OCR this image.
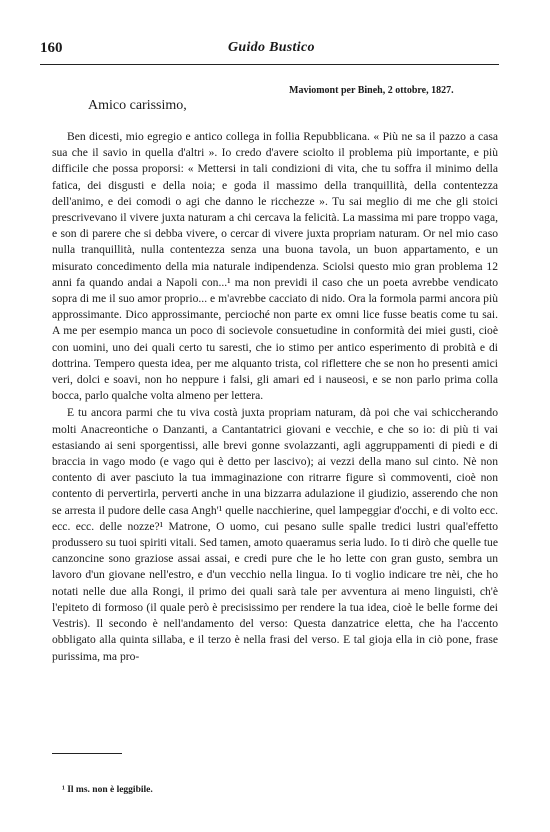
160	Guido Bustico
Maviomont per Bineh, 2 ottobre, 1827.
Amico carissimo,

Ben dicesti, mio egregio e antico collega in follia Repubblicana. « Più ne sa il pazzo a casa sua che il savio in quella d'altri ». Io credo d'avere sciolto il problema più importante, e più difficile che possa proporsi: « Mettersi in tali condizioni di vita, che tu soffra il minimo della fatica, dei disgusti e della noia; e goda il massimo della tranquillità, della contentezza dell'animo, e dei comodi o agi che danno le ricchezze ». Tu sai meglio di me che gli stoici prescrivevano il vivere juxta naturam a chi cercava la felicità. La massima mi pare troppo vaga, e son di parere che si debba vivere, o cercar di vivere juxta propriam naturam. Or nel mio caso nulla tranquillità, nulla contentezza senza una buona tavola, un buon appartamento, e un misurato concedimento della mia naturale indipendenza. Sciolsi questo mio gran problema 12 anni fa quando andai a Napoli con...¹ ma non previdi il caso che un poeta avrebbe vendicato sopra di me il suo amor proprio... e m'avrebbe cacciato di nido. Ora la formola parmi ancora più approssimante. Dico approssimante, percioché non parte ex omni lice fusse beatis come tu sai. A me per esempio manca un poco di socievole consuetudine in conformità dei miei gusti, cioè con uomini, uno dei quali certo tu saresti, che io stimo per antico esperimento di probità e di dottrina. Tempero questa idea, per me alquanto trista, col riflettere che se non ho presenti amici veri, dolci e soavi, non ho neppure i falsi, gli amari ed i nauseosi, e se non parlo prima colla bocca, parlo qualche volta almeno per lettera.

E tu ancora parmi che tu viva costà juxta propriam naturam, dà poi che vai schiccherando molti Anacreontiche o Danzanti, a Cantantatrici giovani e vecchie, e che so io: di più ti vai estasiando ai seni sporgentissi, alle brevi gonne svolazzanti, agli aggruppamenti di piedi e di braccia in vago modo (e vago qui è detto per lascivo); ai vezzi della mano sul cinto. Nè non contento di aver pasciuto la tua immaginazione con ritrarre figure sì commoventi, cioè non contento di pervertirla, perverti anche in una bizzarra adulazione il giudizio, asserendo che non se arresta il pudore delle casa Angh'¹ quelle nacchierine, quel lampeggiar d'occhi, e di volto ecc. ecc. ecc. delle nozze?¹ Matrone, O uomo, cui pesano sulle spalle tredici lustri qual'effetto produssero su tuoi spiriti vitali. Sed tamen, amoto quaeramus seria ludo. Io ti dirò che quelle tue canzoncine sono graziose assai assai, e credi pure che le ho lette con gran gusto, sembra un lavoro d'un giovane nell'estro, e d'un vecchio nella lingua. Io ti voglio indicare tre nèi, che ho notati nelle due alla Rongi, il primo dei quali sarà tale per avventura ai meno linguisti, ch'è l'epiteto di formoso (il quale però è precisissimo per rendere la tua idea, cioè le belle forme dei Vestris). Il secondo è nell'andamento del verso: Questa danzatrice eletta, che ha l'accento obbligato alla quinta sillaba, e il terzo è nella frasi del verso. E tal gioja ella in ciò pone, frase purissima, ma pro-

¹ Il ms. non è leggibile.
